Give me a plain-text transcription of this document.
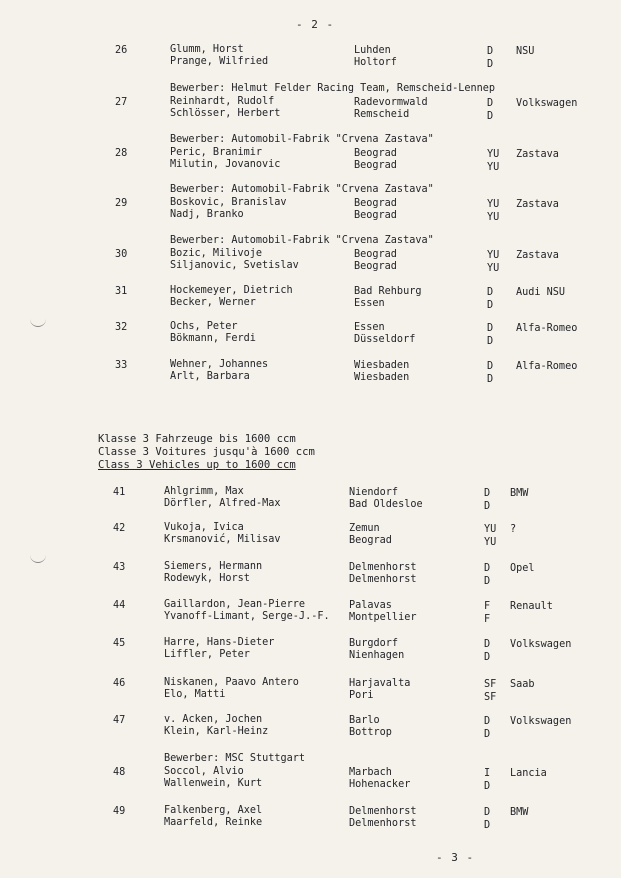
- 2 -
26	Glumm, Horst	Luhden	D NSU
Prange, Wilfried	Holtorf	D
Bewerber: Helmut Felder Racing Team, Remscheid-Lennep
27	Reinhardt, Rudolf	Radevormwald	D Volkswagen
Schlösser, Herbert	Remscheid	D
Bewerber: Automobil-Fabrik "Crvena Zastava"
28	Peric, Branimir	Beograd	YU Zastava
Milutin, Jovanovic	Beograd	YU
Bewerber: Automobil-Fabrik "Crvena Zastava"
29	Boskovic, Branislav	Beograd	YU Zastava
Nadj, Branko	Beograd	YU
Bewerber: Automobil-Fabrik "Crvena Zastava"
30	Bozic, Milivoje	Beograd	YU Zastava
Siljanovic, Svetislav	Beograd	YU
31	Hockemeyer, Dietrich	Bad Rehburg	D Audi NSU
Becker, Werner	Essen	D
32	Ochs, Peter	Essen	D Alfa-Romeo
Bökmann, Ferdi	Düsseldorf	D
33	Wehner, Johannes	Wiesbaden	D Alfa-Romeo
Arlt, Barbara	Wiesbaden	D
Klasse 3 Fahrzeuge bis 1600 ccm
Classe 3 Voitures jusqu'à 1600 ccm
Class 3 Vehicles up to 1600 ccm
41	Ahlgrimm, Max	Niendorf	D BMW
Dörfler, Alfred-Max	Bad Oldesloe	D
42	Vukoja, Ivica	Zemun	YU ?
Krsmanović, Milisav	Beograd	YU
43	Siemers, Hermann	Delmenhorst	D Opel
Rodewyk, Horst	Delmenhorst	D
44	Gaillardon, Jean-Pierre	Palavas	F Renault
Yvanoff-Limant, Serge-J.-F. Montpellier	F
45	Harre, Hans-Dieter	Burgdorf	D Volkswagen
Liffler, Peter	Nienhagen	D
46	Niskanen, Paavo Antero	Harjavalta	SF Saab
Elo, Matti	Pori	SF
47	v. Acken, Jochen	Barlo	D Volkswagen
Klein, Karl-Heinz	Bottrop	D
Bewerber: MSC Stuttgart
48	Soccol, Alvio	Marbach	I Lancia
Wallenwein, Kurt	Hohenacker	D
49	Falkenberg, Axel	Delmenhorst	D BMW
Maarfeld, Reinke	Delmenhorst	D
- 3 -
